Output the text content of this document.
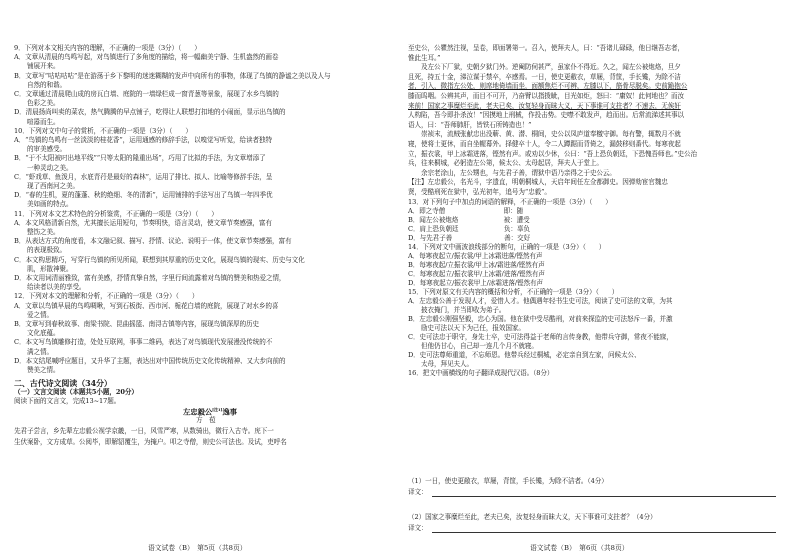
9．下列对本文相关内容的理解，不正确的一项是（3分）（　　）
A．文章从清晨的鸟鸣写起，对鸟镇进行了多角度的描绘，将一幅幽美宁静、生机盎然的画卷
　　铺展开来。
B．文章写“咕咕咕咕”是在游荡于乡下黎明的迷迷糊糊的发声中向所有的事物，体现了鸟镇的静谧之美以及人与
　　自然的和谐。
C．文章通过清晨爬山成的房瓦白墙、庭院的一墙绿栏成一窗青葱等景象，展现了水乡鸟镇的
　　色彩之美。
D．清晨扬尚叫卖的菜农，热气腾腾的早点铺子，吃得让人联想打扣地的小闹面，显示出鸟镇的
　　喧嚣而生。
10．下列对文中句子的赏析，不正确的一项是（3分）（　　）
A．“鸟镇的鸟鸣有一丝淡淡的桂花香”，运用通感的修辞手法，以嗅觉写听觉，给读者独特
　　的审美感受。
B．“于不太阳被叼出地平线”“只等太阳的隆重出场”，巧用了比拟的手法，为文章增添了
　　一种灵动之美。
C．“虾戏草、鱼泼月，水底青荇是最好的森林”，运用了排比、拟人、比喻等修辞手法，呈
　　现了西南河之美。
D．“春的生机，夏的蓬蓬、秋的绝细、冬的清新”，运用铺排的手法写出了鸟镇一年四季优
　　美如画的特点。
11．下列对本文艺术特色的分析鉴赏，不正确的一项是（3分）（　　）
A．本文风格清新自然，尤其擅长运用短句，节奏明快，语言灵动，使文章节奏感强，富有
　　整饬之美。
B．从表达方式的角度看，本文融记叙、描写、抒情、议论、说明于一体，使文章节奏感强，富有
　　的表现极致。
C．本文构思精巧，写穿行鸟镇的所见所闻，联想到其厚重的历史文化，展现鸟镇的现实、历史与文化
　　肌，形散神聚。
D．本文用词清丽雅致，富有美感，抒情真挚自然，字里行间流露着对鸟镇的赞美和热爱之情，
　　给读者以美的享受。
12．下列对本文的理解和分析，不正确的一项是（3分）（　　）
A．文章以鸟镇早晨的鸟鸣啁啾，写到石板街、西市河、栀花白墙的庭院，展现了对水乡的喜
　　爱之情。
B．文章写到春秋故事、南梁书院、昆曲摇篮、南浔古镇等内容，展现鸟镇深厚的历史
　　文化底蕴。
C．本文写鸟镇雕修打造，处处互联网，事事二维码，表达了对鸟镇现代发展漫没传统的不
　　满之情。
D．本文结尾喊呼应题目，又升华了主题，表达出对中国传统历史文化传统精神、又大步向前的
　　赞美之情。
至史公，公瞿然注视，呈卷，即面署第一。召入，使拜夫人，曰：“吾诸儿碌碌，他日继吾志者，
惟此生耳。”
　　及左公下厂狱，史朝夕狱门外。逆阉防伺甚严，虽家仆不得近。久之，闻左公被炮烙，旦夕
且死，持五十金，涕泣谋于禁卒，卒感焉。一日，使史更敝衣，草屦，背筐，手长镵，为除不洁
者，引入，微指左公处，则席地倚墙而坐，面额焦烂不可辨，左膝以下，筋骨尽脱矣。史前跪抱公
膝而呜咽。公辨其声，而目不可开，乃奋臂以指拨眦，目光如炬，怒曰：“庸奴！此何地也？而汝
来前！国家之事糜烂至此，老夫已矣，汝复轻身而昧大义，天下事谁可支拄者？不速去，无俟奸
人构陷，吾今即扑杀汝！”因摸地上刑械，作投击势。史噤不敢发声，趋而出。后常流涕述其事以
语人，曰：“吾师肺肝，皆铁石所铸造也！”
　　崇祯末，流贼张献忠出没蕲、黄、潜、桐间，史公以凤庐道奉檄守御。每有警，辄数月不就
寝，使将士更休，而自坐幄幕外。择健卒十人，令二人蹲踞而背倚之，漏鼓移则番代。每寒夜起
立，振衣裳，甲上冰霜迸落，铿然有声。或劝以少休，公曰：“吾上恐负朝廷，下恐愧吾师也。”史公治
兵，往来桐城，必躬造左公第，候太公、太母起居，拜夫人于堂上。
　　余宗老涂山，左公甥也，与先君子善，谓狱中语乃亲得之于史公云。
【注】左忠毅公，名光斗，字遗直，明朝桐城人，天启年间任左佥都御史。因弹劾宦官魏忠
贤，受酷刑死在狱中，弘光初年，追号为“忠毅”。
13．对下列句子中加点的词语的解释，不正确的一项是（3分）（　　）
A．即之寺僧　　　　　　　　　即：随
B．闻左公被炮烙　　　　　　　被：遭受
C．肩上恐负朝廷　　　　　　　负：辜负
D．与先君子善　　　　　　　　善：交好
14．下列对文中画波浪线部分的断句，正确的一项是（3分）（　　）
A．每寒夜起立/振衣裳/甲上冰霜迸落/铿然有声
B．每寒夜起/立振衣裳/甲上冰/霜迸落/铿然有声
C．每寒夜起立/振衣裳甲/上冰霜/迸落/铿然有声
D．每寒夜起立/振衣裳甲上/冰霜迸落/铿然有声
15．下列对原文有关内容的概括和分析，不正确的一项是（3分）（　　）
A．左忠毅公善于发现人才，爱惜人才。他偶遇年轻书生史可法，阅读了史可法的文章，为其
　　披衣掩门，并当即收为弟子。
B．左忠毅公刚强坚毅，忠心为国。他在狱中受尽酷刑，对前来探监的史可法怒斥一番，并激
　　励史可法以天下为己任，报效国家。
C．史可法忠于职守，身先士卒，史可法得益于老师的言传身教，他带兵守御，常夜不能寐，
　　但他仍甘心，自己却一连几个月不就寝。
D．史可法尊师重道，不忘师恩。他带兵经过桐城，必定亲自到左家，问候太公、
　　太母，拜见夫人。
16．把文中画横线的句子翻译成现代汉语。（8分）
二、古代诗文阅读（34分）
（一）文言文阅读（本题共5小题，20分）
阅读下面的文言文，完成13~17题。
左忠毅公[注1]逸事
方　苞
先君子尝言，乡先辈左忠毅公视学京畿，一日，风雪严寒，从数骑出，微行入古寺。庑下一
生伏案卧，文方成草。公阅毕，即解貂覆生，为掩户。叩之寺僧，则史公可法也。及试，吏呼名
语文试卷（B）　第5页（共8页）
（1）一日，使史更敝衣，草屦，背筐，手长镵，为除不洁者。（4分）
译文：
（2）国家之事糜烂至此，老夫已矣，汝复轻身而昧大义，天下事谁可支拄者？（4分）
译文：
语文试卷（B）　第6页（共8页）
